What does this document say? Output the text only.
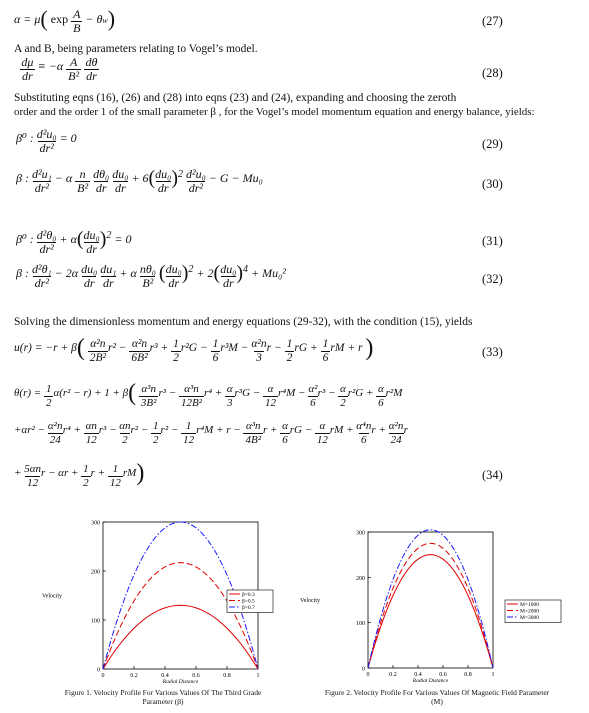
α = μ( exp A
B − θw)	(27)
A and B, being parameters relating to Vogel’s model.
dμ
dr ≡ −α A
B² dθ
dr	(28)
Substituting eqns (16), (26) and (28) into eqns (23) and (24), expanding and choosing the zeroth
order and the order 1 of the small parameter β , for the Vogel’s model momentum equation and energy balance, yields:
β⁰ : d²u₀
dr² = 0	(29)
β : d²u₁
dr² − α n
B² dθ₀
dr du₀
dr + 6(du₀
dr )$^2$ d²u₀
dr² − G − Mu₀	(30)
β⁰ : d²θ₀
dr² + α(du₀
dr )$^2$ = 0	(31)
β : d²θ₁
dr² − 2α du₀
dr du₁
dr + α nθ₀
B² (du₀
dr )$^2$ + 2(du₀
dr )$^4$ + Mu₀²	(32)
Solving the dimensionless momentum and energy equations (29-32), with the condition (15), yields
u(r) = −r + β( α²n
2B²r² − α²n
6B²r³ + 1
2r²G − 1
6r³M − α²n
3r − 1
2rG + 1
6rM + r )	(33)
θ(r) = 1
2α(r² − r) + 1 + β( α³n
3B²r³ − α³n
12B²r⁴ + α
3r³G − α
12r⁴M − α²
6r³ − α
2r²G + α
6r²M
+αr² − α²n
24r⁴ + αn
12r³ − αn
2r² − 1
2r² − 1
12r⁴M + r − α³n
4B²r + α
6rG − α
12rM + α⁴n
6r + α²n
24r
+ 5αn
12r − αr + 1
2r + 1
12rM)	(34)
0
100
200
300
0	0.2	0.4	0.6	0.8	1
Radial Distance
Velocity	β=0.3
β=0.5
β=0.7
Figure 1. Velocity Profile For Various Values Of The Third Grade Parameter (β)
0
100
200
300
0	0.2	0.4	0.6	0.8	1
Radial Distance
Velocity
M=1000
M=2000
M=3000
Figure 2. Velocity Profile For Various Values Of Magnetic Field Parameter (M)
